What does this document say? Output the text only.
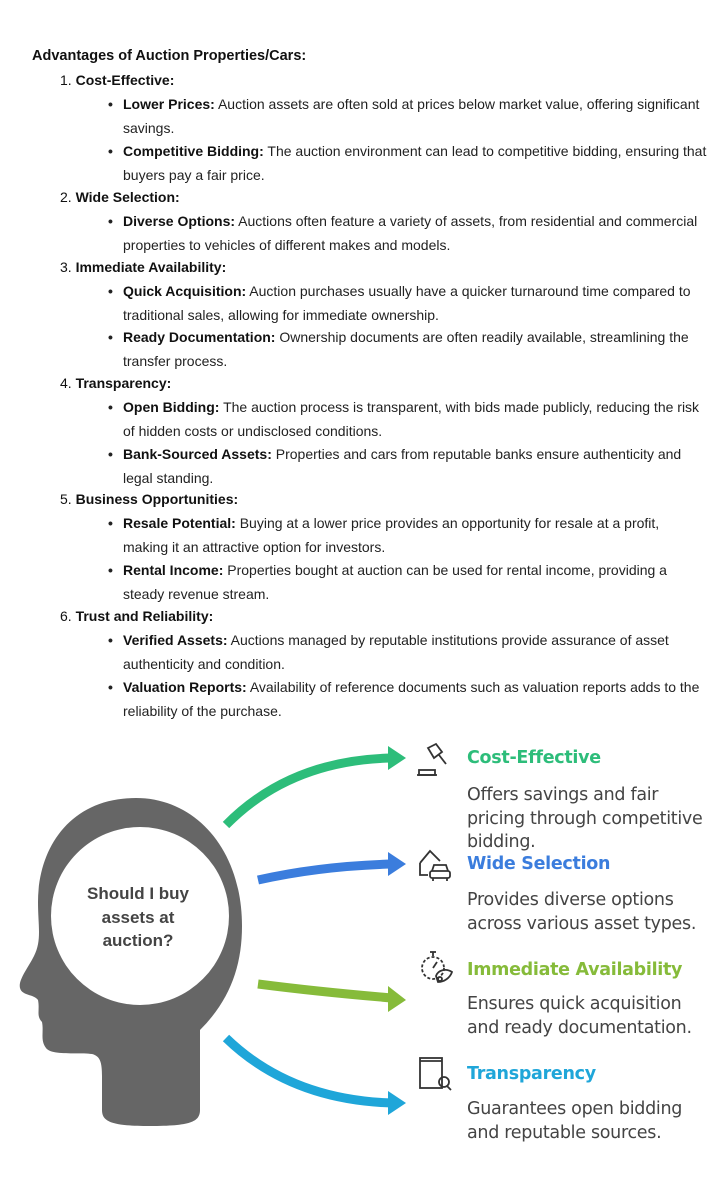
Advantages of Auction Properties/Cars:
1. Cost-Effective:
• Lower Prices: Auction assets are often sold at prices below market value, offering significant savings.
• Competitive Bidding: The auction environment can lead to competitive bidding, ensuring that buyers pay a fair price.
2. Wide Selection:
• Diverse Options: Auctions often feature a variety of assets, from residential and commercial properties to vehicles of different makes and models.
3. Immediate Availability:
• Quick Acquisition: Auction purchases usually have a quicker turnaround time compared to traditional sales, allowing for immediate ownership.
• Ready Documentation: Ownership documents are often readily available, streamlining the transfer process.
4. Transparency:
• Open Bidding: The auction process is transparent, with bids made publicly, reducing the risk of hidden costs or undisclosed conditions.
• Bank-Sourced Assets: Properties and cars from reputable banks ensure authenticity and legal standing.
5. Business Opportunities:
• Resale Potential: Buying at a lower price provides an opportunity for resale at a profit, making it an attractive option for investors.
• Rental Income: Properties bought at auction can be used for rental income, providing a steady revenue stream.
6. Trust and Reliability:
• Verified Assets: Auctions managed by reputable institutions provide assurance of asset authenticity and condition.
• Valuation Reports: Availability of reference documents such as valuation reports adds to the reliability of the purchase.
Should I buy assets at auction?
Cost-Effective
Offers savings and fair pricing through competitive bidding.
Wide Selection
Provides diverse options across various asset types.
Immediate Availability
Ensures quick acquisition and ready documentation.
Transparency
Guarantees open bidding and reputable sources.
